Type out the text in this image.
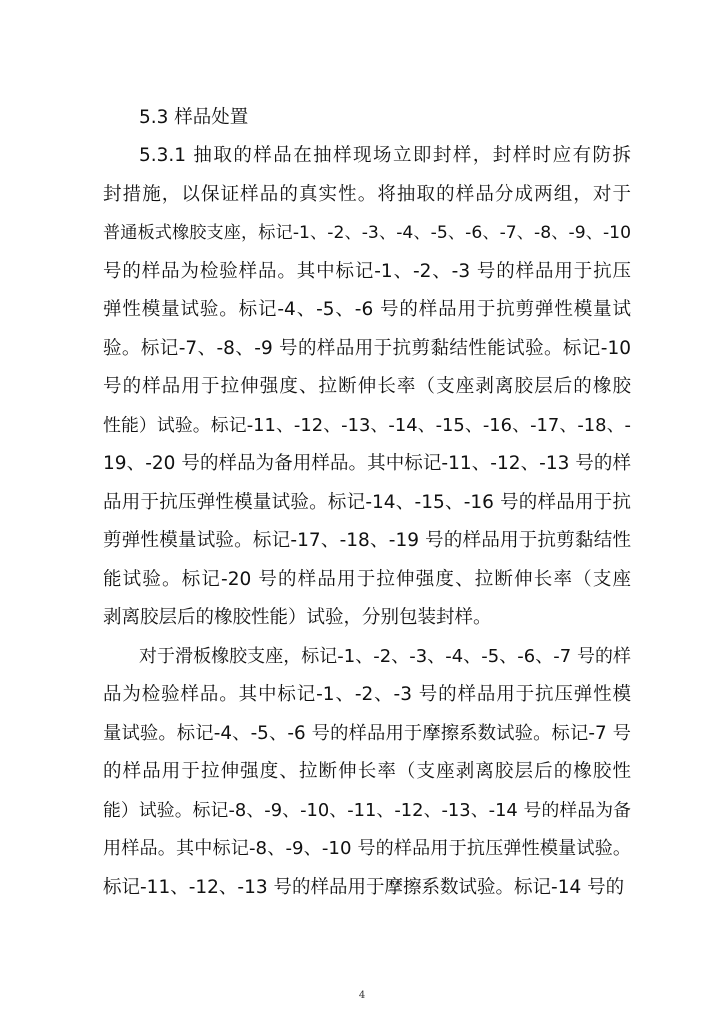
5.3 样品处置

5.3.1 抽取的样品在抽样现场立即封样，封样时应有防拆
封措施，以保证样品的真实性。将抽取的样品分成两组，对于
普通板式橡胶支座，标记-1、-2、-3、-4、-5、-6、-7、-8、-9、-10
号的样品为检验样品。其中标记-1、-2、-3 号的样品用于抗压
弹性模量试验。标记-4、-5、-6 号的样品用于抗剪弹性模量试
验。标记-7、-8、-9 号的样品用于抗剪黏结性能试验。标记-10
号的样品用于拉伸强度、拉断伸长率（支座剥离胶层后的橡胶
性能）试验。标记-11、-12、-13、-14、-15、-16、-17、-18、-
19、-20 号的样品为备用样品。其中标记-11、-12、-13 号的样
品用于抗压弹性模量试验。标记-14、-15、-16 号的样品用于抗
剪弹性模量试验。标记-17、-18、-19 号的样品用于抗剪黏结性
能试验。标记-20 号的样品用于拉伸强度、拉断伸长率（支座
剥离胶层后的橡胶性能）试验，分别包装封样。

对于滑板橡胶支座，标记-1、-2、-3、-4、-5、-6、-7 号的样
品为检验样品。其中标记-1、-2、-3 号的样品用于抗压弹性模
量试验。标记-4、-5、-6 号的样品用于摩擦系数试验。标记-7 号
的样品用于拉伸强度、拉断伸长率（支座剥离胶层后的橡胶性
能）试验。标记-8、-9、-10、-11、-12、-13、-14 号的样品为备
用样品。其中标记-8、-9、-10 号的样品用于抗压弹性模量试验。
标记-11、-12、-13 号的样品用于摩擦系数试验。标记-14 号的

4
